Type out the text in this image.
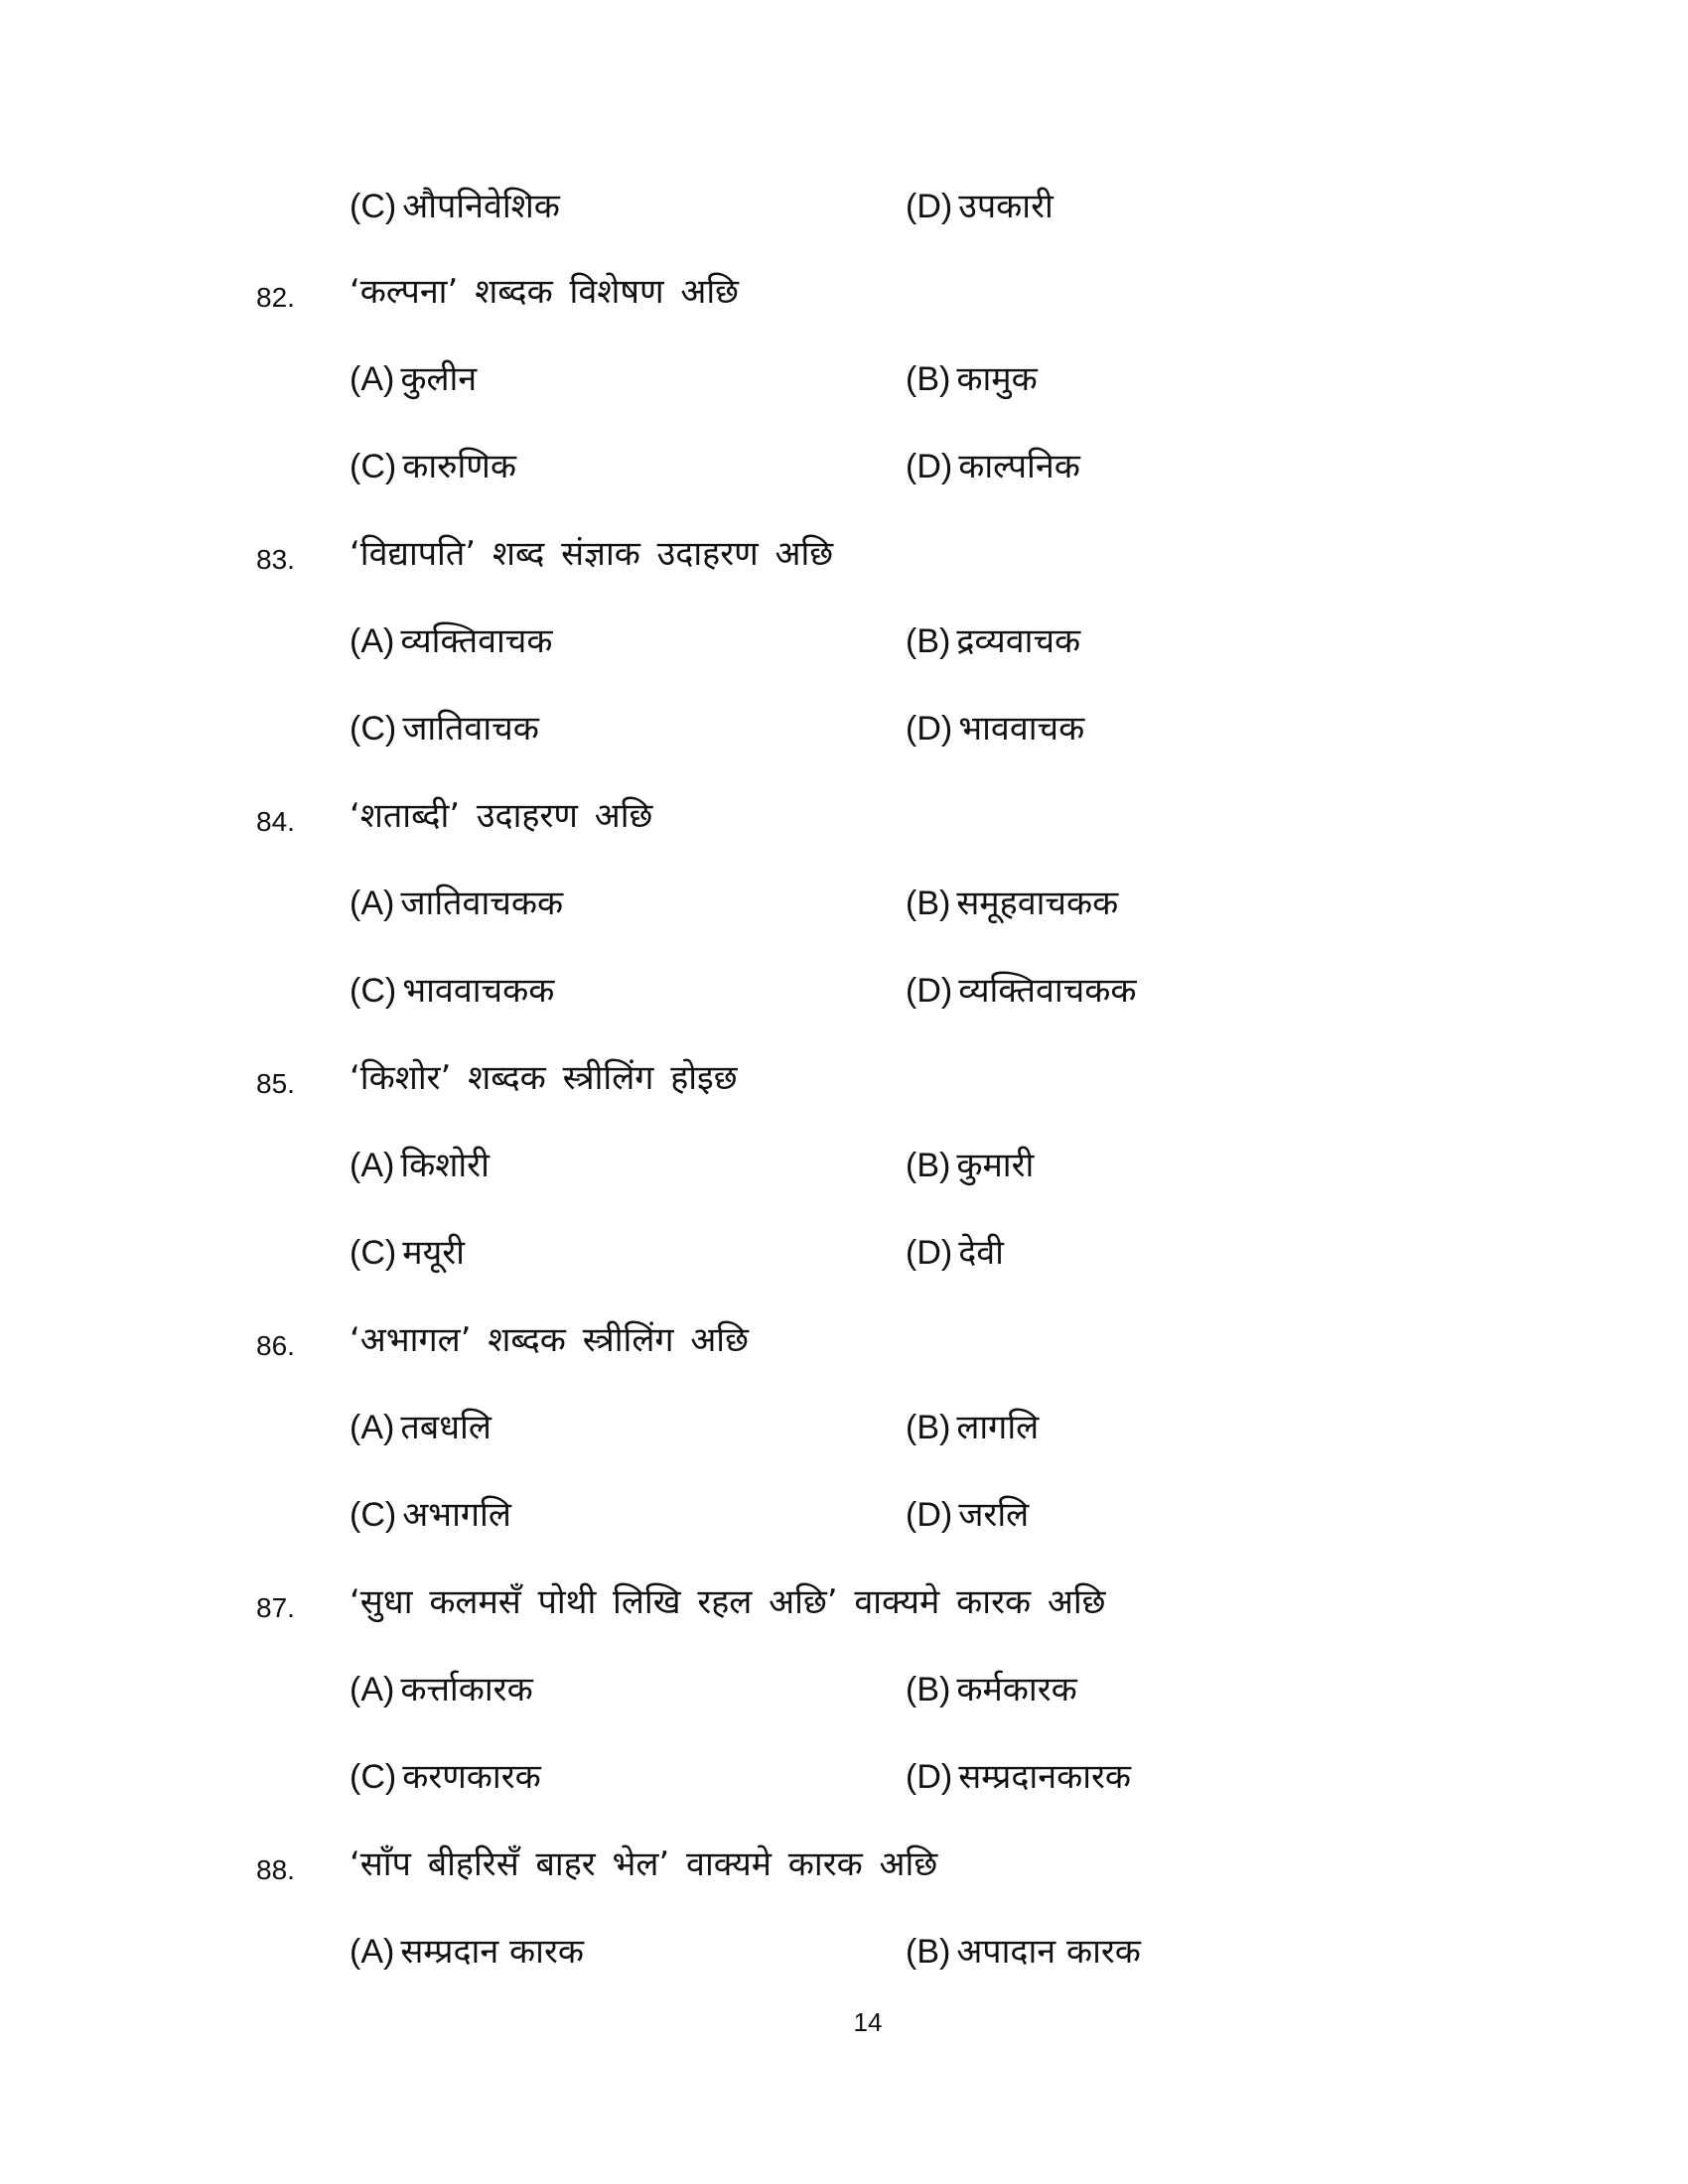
(C) औपनिवेशिक	(D) उपकारी
82.	‘कल्पना’ शब्दक विशेषण अछि
(A) कुलीन	(B) कामुक
(C) कारुणिक	(D) काल्पनिक
83.	‘विद्यापति’ शब्द संज्ञाक उदाहरण अछि
(A) व्यक्तिवाचक	(B) द्रव्यवाचक
(C) जातिवाचक	(D) भाववाचक
84.	‘शताब्दी’ उदाहरण अछि
(A) जातिवाचकक	(B) समूहवाचकक
(C) भाववाचकक	(D) व्यक्तिवाचकक
85.	‘किशोर’ शब्दक स्त्रीलिंग होइछ
(A) किशोरी	(B) कुमारी
(C) मयूरी	(D) देवी
86.	‘अभागल’ शब्दक स्त्रीलिंग अछि
(A) तबधलि	(B) लागलि
(C) अभागलि	(D) जरलि
87.	‘सुधा कलमसँ पोथी लिखि रहल अछि’ वाक्यमे कारक अछि
(A) कर्त्ताकारक	(B) कर्मकारक
(C) करणकारक	(D) सम्प्रदानकारक
88.	‘साँप बीहरिसँ बाहर भेल’ वाक्यमे कारक अछि
(A) सम्प्रदान कारक	(B) अपादान कारक
14
